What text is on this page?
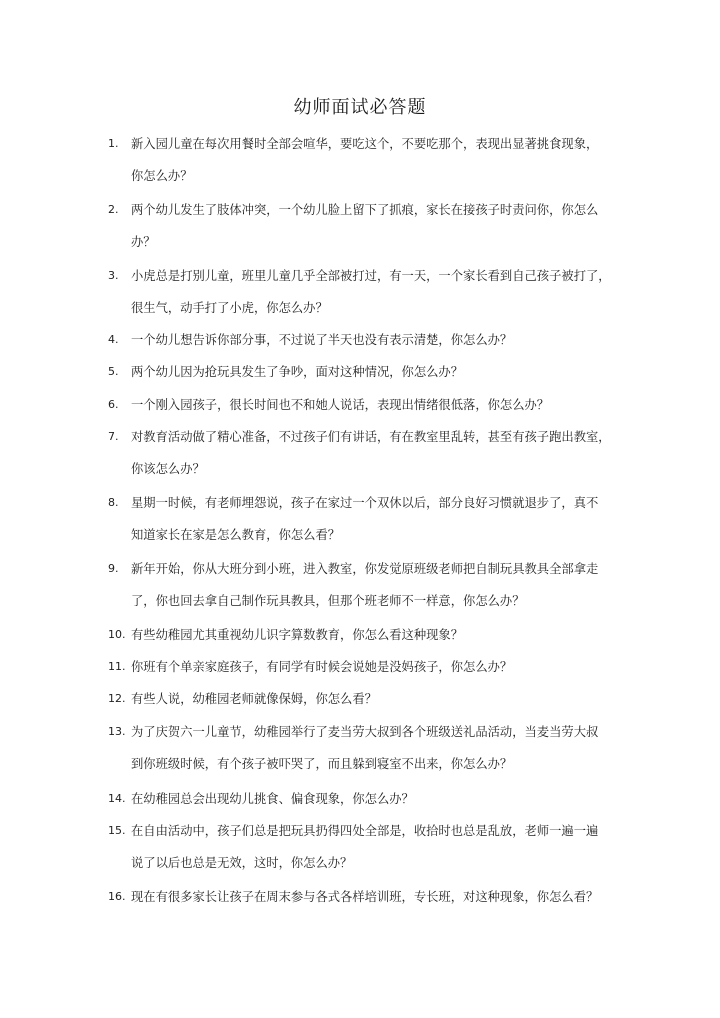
幼师面试必答题
1.	新入园儿童在每次用餐时全部会喧华，要吃这个，不要吃那个，表现出显著挑食现象，
你怎么办？
2.	两个幼儿发生了肢体冲突，一个幼儿脸上留下了抓痕，家长在接孩子时责问你，你怎么
办？
3.	小虎总是打别儿童，班里儿童几乎全部被打过，有一天，一个家长看到自己孩子被打了，
很生气，动手打了小虎，你怎么办？
4.	一个幼儿想告诉你部分事，不过说了半天也没有表示清楚，你怎么办？
5.	两个幼儿因为抢玩具发生了争吵，面对这种情况，你怎么办？
6.	一个刚入园孩子，很长时间也不和她人说话，表现出情绪很低落，你怎么办？
7.	对教育活动做了精心准备，不过孩子们有讲话，有在教室里乱转，甚至有孩子跑出教室，
你该怎么办？
8.	星期一时候，有老师埋怨说，孩子在家过一个双休以后，部分良好习惯就退步了，真不
知道家长在家是怎么教育，你怎么看？
9.	新年开始，你从大班分到小班，进入教室，你发觉原班级老师把自制玩具教具全部拿走
了，你也回去拿自己制作玩具教具，但那个班老师不一样意，你怎么办？
10. 有些幼稚园尤其重视幼儿识字算数教育，你怎么看这种现象？
11. 你班有个单亲家庭孩子，有同学有时候会说她是没妈孩子，你怎么办？
12. 有些人说，幼稚园老师就像保姆，你怎么看？
13. 为了庆贺六一儿童节，幼稚园举行了麦当劳大叔到各个班级送礼品活动，当麦当劳大叔
到你班级时候，有个孩子被吓哭了，而且躲到寝室不出来，你怎么办？
14. 在幼稚园总会出现幼儿挑食、偏食现象，你怎么办？
15. 在自由活动中，孩子们总是把玩具扔得四处全部是，收拾时也总是乱放，老师一遍一遍
说了以后也总是无效，这时，你怎么办？
16. 现在有很多家长让孩子在周末参与各式各样培训班，专长班，对这种现象，你怎么看？
